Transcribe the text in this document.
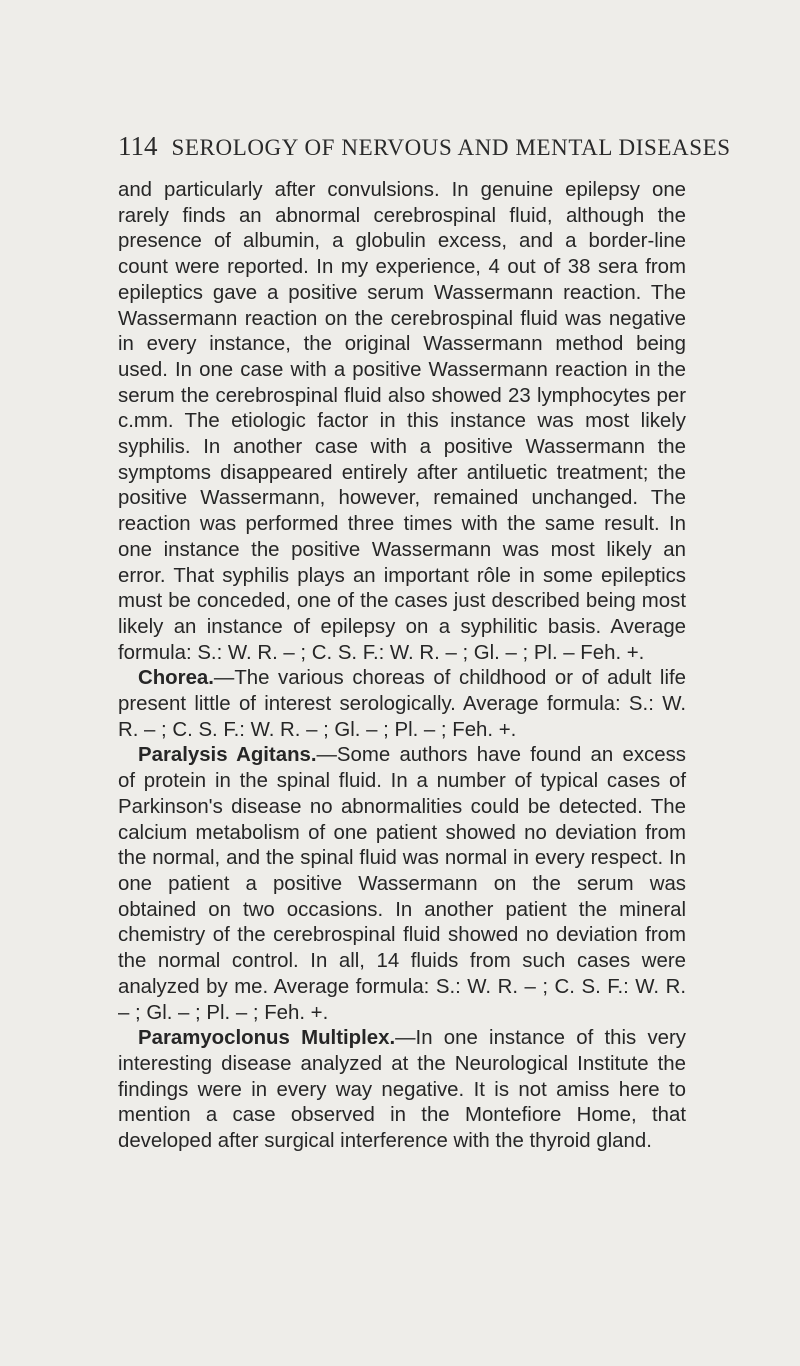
114 SEROLOGY OF NERVOUS AND MENTAL DISEASES

and particularly after convulsions. In genuine epilepsy one rarely finds an abnormal cerebrospinal fluid, although the presence of albumin, a globulin excess, and a border-line count were reported. In my experience, 4 out of 38 sera from epileptics gave a positive serum Wassermann reaction. The Wassermann reaction on the cerebrospinal fluid was negative in every instance, the original Wassermann method being used. In one case with a positive Wassermann reaction in the serum the cerebrospinal fluid also showed 23 lymphocytes per c.mm. The etiologic factor in this instance was most likely syphilis. In another case with a positive Wassermann the symptoms disappeared entirely after antiluetic treatment; the positive Wassermann, however, remained unchanged. The reaction was performed three times with the same result. In one instance the positive Wassermann was most likely an error. That syphilis plays an important rôle in some epileptics must be conceded, one of the cases just described being most likely an instance of epilepsy on a syphilitic basis. Average formula: S.: W. R. – ; C. S. F.: W. R. – ; Gl. – ; Pl. – Feh. +.

Chorea.—The various choreas of childhood or of adult life present little of interest serologically. Average formula: S.: W. R. – ; C. S. F.: W. R. – ; Gl. – ; Pl. – ; Feh. +.

Paralysis Agitans.—Some authors have found an excess of protein in the spinal fluid. In a number of typical cases of Parkinson's disease no abnormalities could be detected. The calcium metabolism of one patient showed no deviation from the normal, and the spinal fluid was normal in every respect. In one patient a positive Wassermann on the serum was obtained on two occasions. In another patient the mineral chemistry of the cerebrospinal fluid showed no deviation from the normal control. In all, 14 fluids from such cases were analyzed by me. Average formula: S.: W. R. – ; C. S. F.: W. R. – ; Gl. – ; Pl. – ; Feh. +.

Paramyoclonus Multiplex.—In one instance of this very interesting disease analyzed at the Neurological Institute the findings were in every way negative. It is not amiss here to mention a case observed in the Montefiore Home, that developed after surgical interference with the thyroid gland.
